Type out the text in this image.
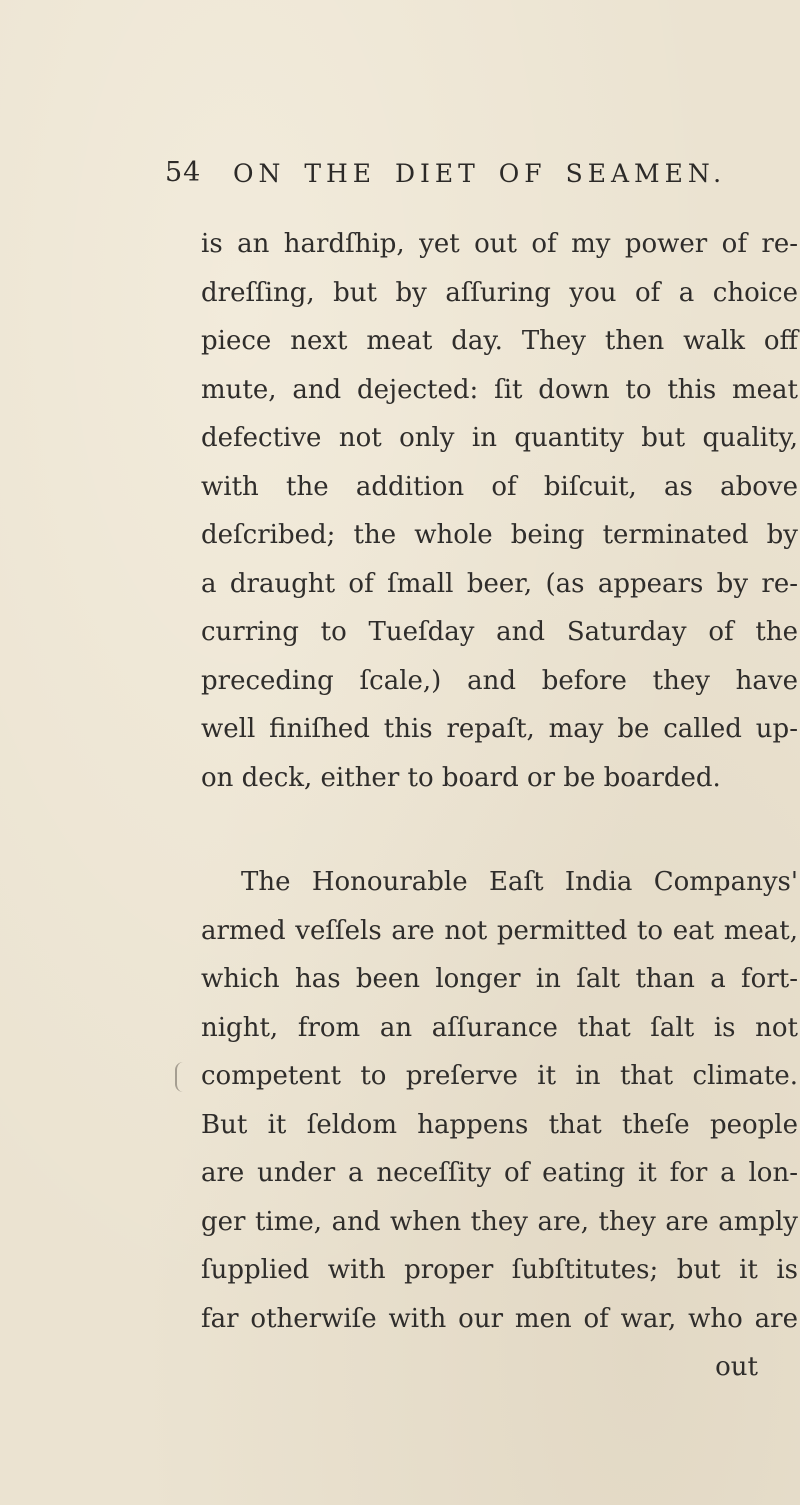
54 ON THE DIET OF SEAMEN.
is an hardſhip, yet out of my power of re-
dreſſing, but by aſſuring you of a choice
piece next meat day. They then walk off
mute, and dejected: ſit down to this meat
defective not only in quantity but quality,
with the addition of biſcuit, as above
deſcribed; the whole being terminated by
a draught of ſmall beer, (as appears by re-
curring to Tueſday and Saturday of the
preceding ſcale,) and before they have
well finiſhed this repaſt, may be called up-
on deck, either to board or be boarded.
The Honourable Eaſt India Companys'
armed veſſels are not permitted to eat meat,
which has been longer in ſalt than a fort-
night, from an aſſurance that ſalt is not
competent to preſerve it in that climate.
But it ſeldom happens that theſe people
are under a neceſſity of eating it for a lon-
ger time, and when they are, they are amply
ſupplied with proper ſubſtitutes; but it is
far otherwiſe with our men of war, who are
out
